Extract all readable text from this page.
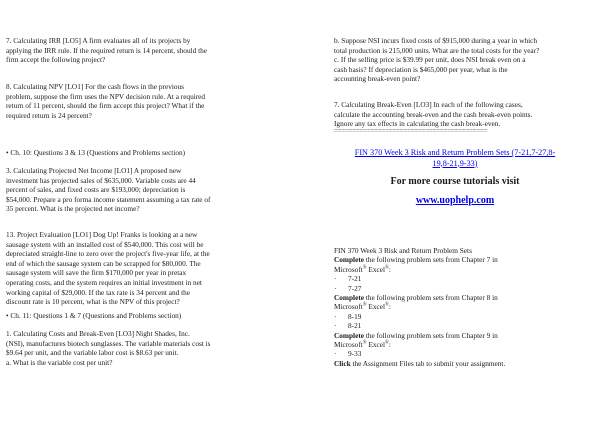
7. Calculating IRR [LO5] A firm evaluates all of its projects by
applying the IRR rule. If the required return is 14 percent, should the
firm accept the following project?

8. Calculating NPV [LO1] For the cash flows in the previous
problem, suppose the firm uses the NPV decision rule. At a required
return of 11 percent, should the firm accept this project? What if the
required return is 24 percent?

• Ch. 10: Questions 3 & 13 (Questions and Problems section)

3. Calculating Projected Net Income [LO1] A proposed new
investment has projected sales of $635,000. Variable costs are 44
percent of sales, and fixed costs are $193,000; depreciation is
$54,000. Prepare a pro forma income statement assuming a tax rate of
35 percent. What is the projected net income?

13. Project Evaluation [LO1] Dog Up! Franks is looking at a new
sausage system with an installed cost of $540,000. This cost will be
depreciated straight-line to zero over the project's five-year life, at the
end of which the sausage system can be scrapped for $80,000. The
sausage system will save the firm $170,000 per year in pretax
operating costs, and the system requires an initial investment in net
working capital of $29,000. If the tax rate is 34 percent and the
discount rate is 10 percent, what is the NPV of this project?

• Ch. 11: Questions 1 & 7 (Questions and Problems section)

1. Calculating Costs and Break-Even [LO3] Night Shades, Inc.
(NSI), manufactures biotech sunglasses. The variable materials cost is
$9.64 per unit, and the variable labor cost is $8.63 per unit.
a. What is the variable cost per unit?

b. Suppose NSI incurs fixed costs of $915,000 during a year in which
total production is 215,000 units. What are the total costs for the year?
c. If the selling price is $39.99 per unit, does NSI break even on a
cash basis? If depreciation is $465,000 per year, what is the
accounting break-even point?

7. Calculating Break-Even [LO3] In each of the following cases,
calculate the accounting break-even and the cash break-even points.
Ignore any tax effects in calculating the cash break-even.

==========================================
FIN 370 Week 3 Risk and Return Problem Sets (7-21,7-27,8-
19,8-21,9-33)
For more course tutorials visit
www.uophelp.com
FIN 370 Week 3 Risk and Return Problem Sets
Complete the following problem sets from Chapter 7 in
Microsoft® Excel®:
· 7-21
· 7-27
Complete the following problem sets from Chapter 8 in
Microsoft® Excel®:
· 8-19
· 8-21
Complete the following problem sets from Chapter 9 in
Microsoft® Excel®:
· 9-33
Click the Assignment Files tab to submit your assignment.
